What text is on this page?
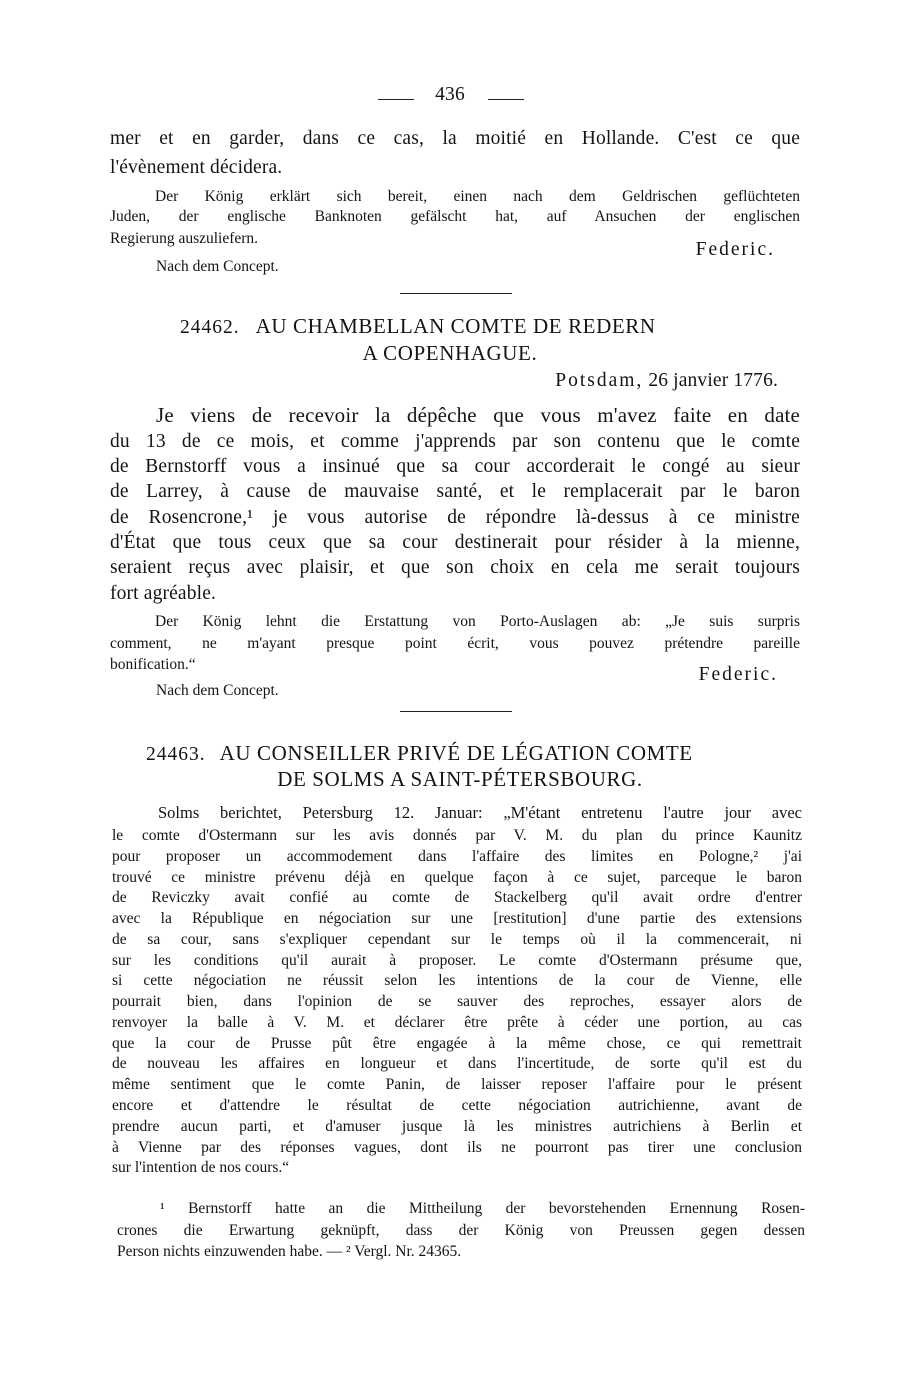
436
mer et en garder, dans ce cas, la moitié en Hollande. C'est ce que
l'évènement décidera.
Der König erklärt sich bereit, einen nach dem Geldrischen geflüchteten
Juden, der englische Banknoten gefälscht hat, auf Ansuchen der englischen
Regierung auszuliefern.
Federic.
Nach dem Concept.
24462. AU CHAMBELLAN COMTE DE REDERN
A COPENHAGUE.
Potsdam, 26 janvier 1776.
Je viens de recevoir la dépêche que vous m'avez faite en date
du 13 de ce mois, et comme j'apprends par son contenu que le comte
de Bernstorff vous a insinué que sa cour accorderait le congé au sieur
de Larrey, à cause de mauvaise santé, et le remplacerait par le baron
de Rosencrone,¹ je vous autorise de répondre là-dessus à ce ministre
d'État que tous ceux que sa cour destinerait pour résider à la mienne,
seraient reçus avec plaisir, et que son choix en cela me serait toujours
fort agréable.
Der König lehnt die Erstattung von Porto-Auslagen ab: „Je suis surpris
comment, ne m'ayant presque point écrit, vous pouvez prétendre pareille
bonification.“	Federic.
Nach dem Concept.
24463. AU CONSEILLER PRIVÉ DE LÉGATION COMTE
DE SOLMS A SAINT-PÉTERSBOURG.
Solms berichtet, Petersburg 12. Januar: „M'étant entretenu l'autre jour avec
le comte d'Ostermann sur les avis donnés par V. M. du plan du prince Kaunitz
pour proposer un accommodement dans l'affaire des limites en Pologne,² j'ai
trouvé ce ministre prévenu déjà en quelque façon à ce sujet, parceque le baron
de Reviczky avait confié au comte de Stackelberg qu'il avait ordre d'entrer
avec la République en négociation sur une [restitution] d'une partie des extensions
de sa cour, sans s'expliquer cependant sur le temps où il la commencerait, ni
sur les conditions qu'il aurait à proposer. Le comte d'Ostermann présume que,
si cette négociation ne réussit selon les intentions de la cour de Vienne, elle
pourrait bien, dans l'opinion de se sauver des reproches, essayer alors de
renvoyer la balle à V. M. et déclarer être prête à céder une portion, au cas
que la cour de Prusse pût être engagée à la même chose, ce qui remettrait
de nouveau les affaires en longueur et dans l'incertitude, de sorte qu'il est du
même sentiment que le comte Panin, de laisser reposer l'affaire pour le présent
encore et d'attendre le résultat de cette négociation autrichienne, avant de
prendre aucun parti, et d'amuser jusque là les ministres autrichiens à Berlin et
à Vienne par des réponses vagues, dont ils ne pourront pas tirer une conclusion
sur l'intention de nos cours.“
¹ Bernstorff hatte an die Mittheilung der bevorstehenden Ernennung Rosen-
crones die Erwartung geknüpft, dass der König von Preussen gegen dessen
Person nichts einzuwenden habe. — ² Vergl. Nr. 24365.
